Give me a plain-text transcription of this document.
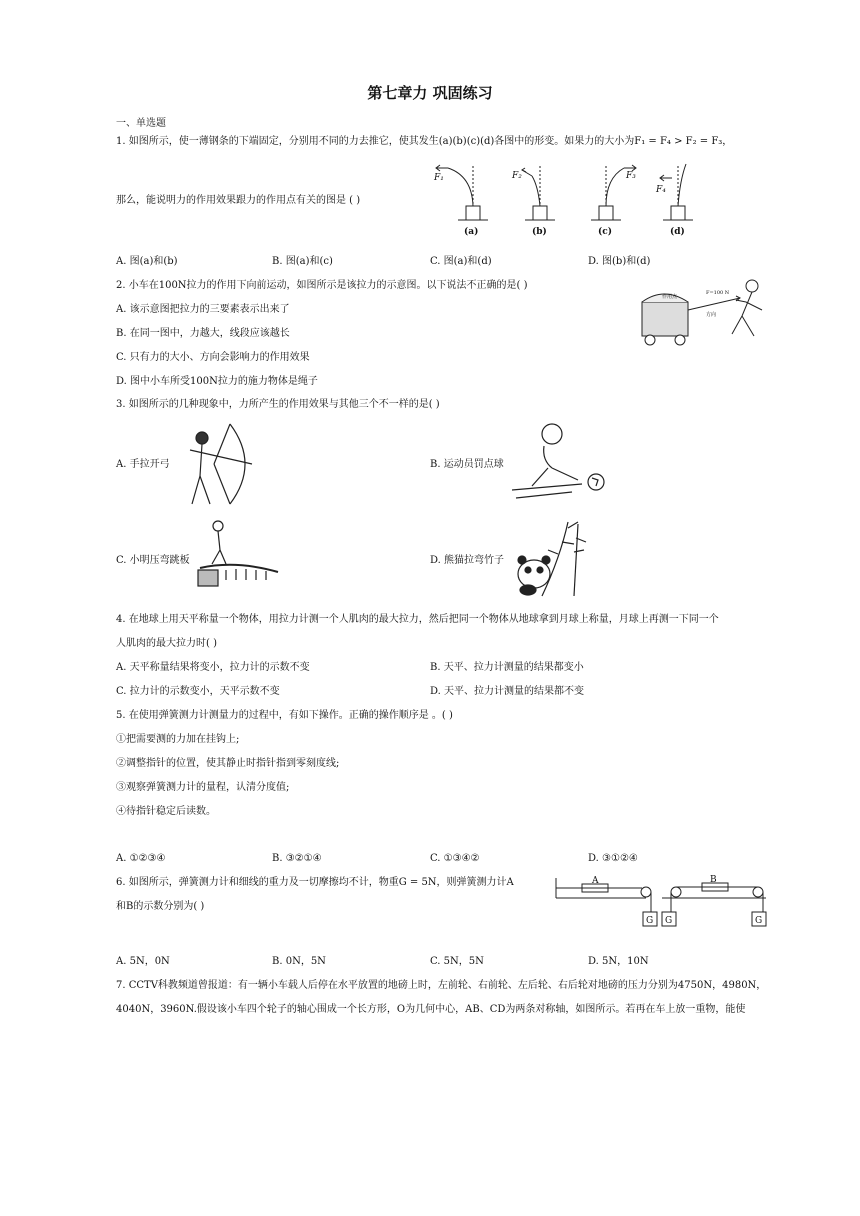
第七章力 巩固练习
一、单选题
1. 如图所示，使一薄钢条的下端固定，分别用不同的力去推它，使其发生(a)(b)(c)(d)各图中的形变。如果力的大小为F₁ = F₄ > F₂ = F₃，
那么，能说明力的作用效果跟力的作用点有关的图是 ( )
F₁	F₂	F₃
F₄
(a)	(b)	(c)	(d)
A. 图(a)和(b)	B. 图(a)和(c)	C. 图(a)和(d)	D. 图(b)和(d)
2. 小车在100N拉力的作用下向前运动，如图所示是该拉力的示意图。以下说法不正确的是( )
A. 该示意图把拉力的三要素表示出来了
B. 在同一图中，力越大，线段应该越长
C. 只有力的大小、方向会影响力的作用效果
D. 图中小车所受100N拉力的施力物体是绳子
作用点
F=100 N
方向
3. 如图所示的几种现象中，力所产生的作用效果与其他三个不一样的是( )
A. 手拉开弓	B. 运动员罚点球
C. 小明压弯跳板	D. 熊猫拉弯竹子
4. 在地球上用天平称量一个物体，用拉力计测一个人肌肉的最大拉力，然后把同一个物体从地球拿到月球上称量，月球上再测一下同一个
人肌肉的最大拉力时( )
A. 天平称量结果将变小，拉力计的示数不变	B. 天平、拉力计测量的结果都变小
C. 拉力计的示数变小，天平示数不变	D. 天平、拉力计测量的结果都不变
5. 在使用弹簧测力计测量力的过程中，有如下操作。正确的操作顺序是 。( )
①把需要测的力加在挂钩上;
②调整指针的位置，使其静止时指针指到零刻度线;
③观察弹簧测力计的量程，认清分度值;
④待指针稳定后读数。
A. ①②③④	B. ③②①④	C. ①③④②	D. ③①②④
6. 如图所示，弹簧测力计和细线的重力及一切摩擦均不计，物重G = 5N，则弹簧测力计A
和B的示数分别为( )
A	B
G G	G
A. 5N，0N	B. 0N，5N	C. 5N，5N	D. 5N，10N
7. CCTV科教频道曾报道：有一辆小车载人后停在水平放置的地磅上时，左前轮、右前轮、左后轮、右后轮对地磅的压力分别为4750N，4980N，
4040N，3960N.假设该小车四个轮子的轴心围成一个长方形，O为几何中心，AB、CD为两条对称轴，如图所示。若再在车上放一重物，能使
